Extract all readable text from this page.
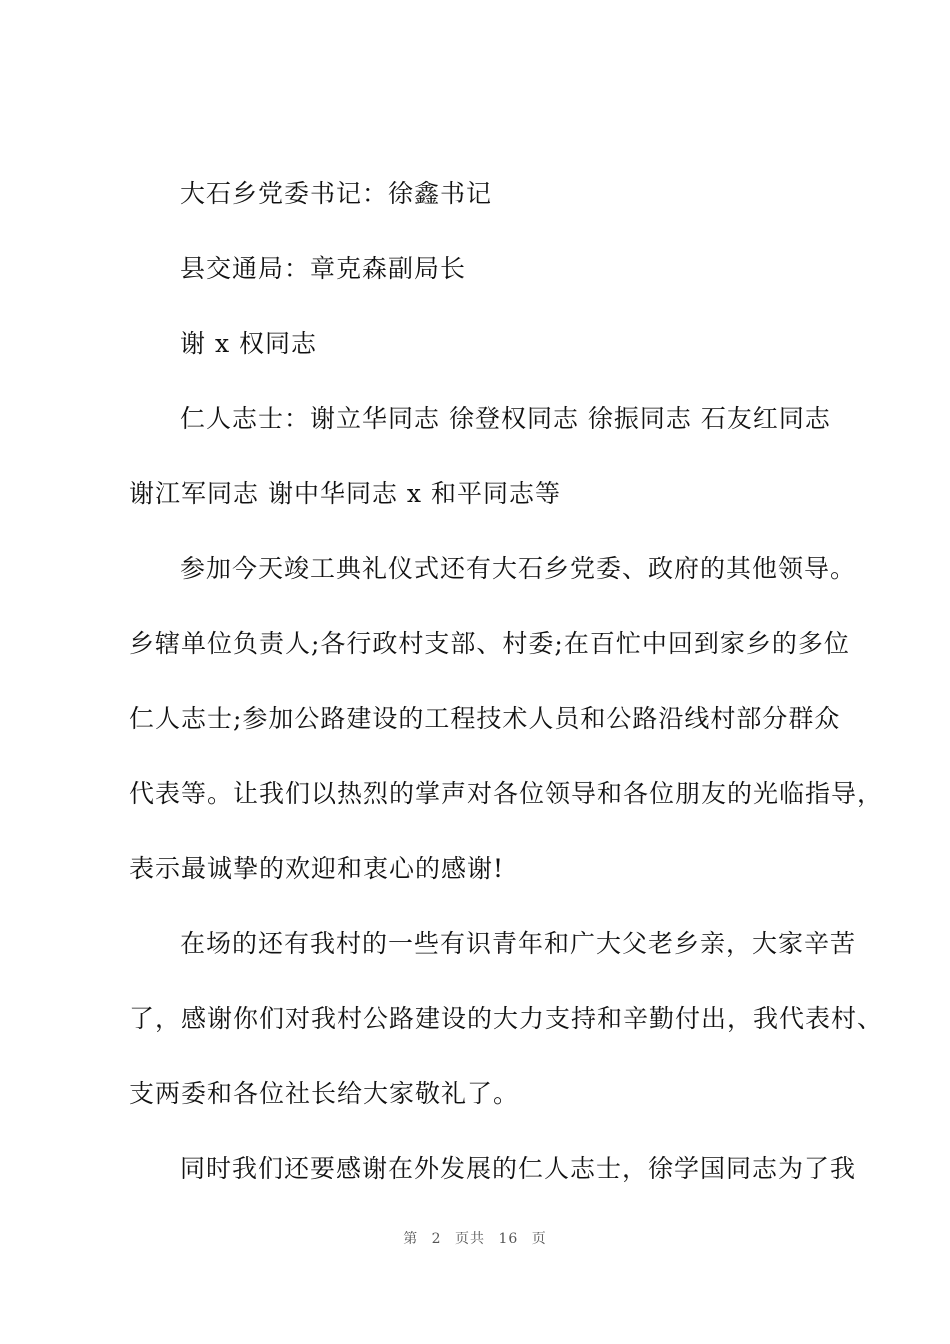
大石乡党委书记：徐鑫书记
县交通局：章克森副局长
谢 x 权同志
仁人志士：谢立华同志 徐登权同志 徐振同志 石友红同志
谢江军同志 谢中华同志 x 和平同志等
参加今天竣工典礼仪式还有大石乡党委、政府的其他领导。
乡辖单位负责人;各行政村支部、村委;在百忙中回到家乡的多位
仁人志士;参加公路建设的工程技术人员和公路沿线村部分群众
代表等。让我们以热烈的掌声对各位领导和各位朋友的光临指导，
表示最诚挚的欢迎和衷心的感谢!
在场的还有我村的一些有识青年和广大父老乡亲，大家辛苦
了，感谢你们对我村公路建设的大力支持和辛勤付出，我代表村、
支两委和各位社长给大家敬礼了。
同时我们还要感谢在外发展的仁人志士，徐学国同志为了我
第 2 页共 16 页
